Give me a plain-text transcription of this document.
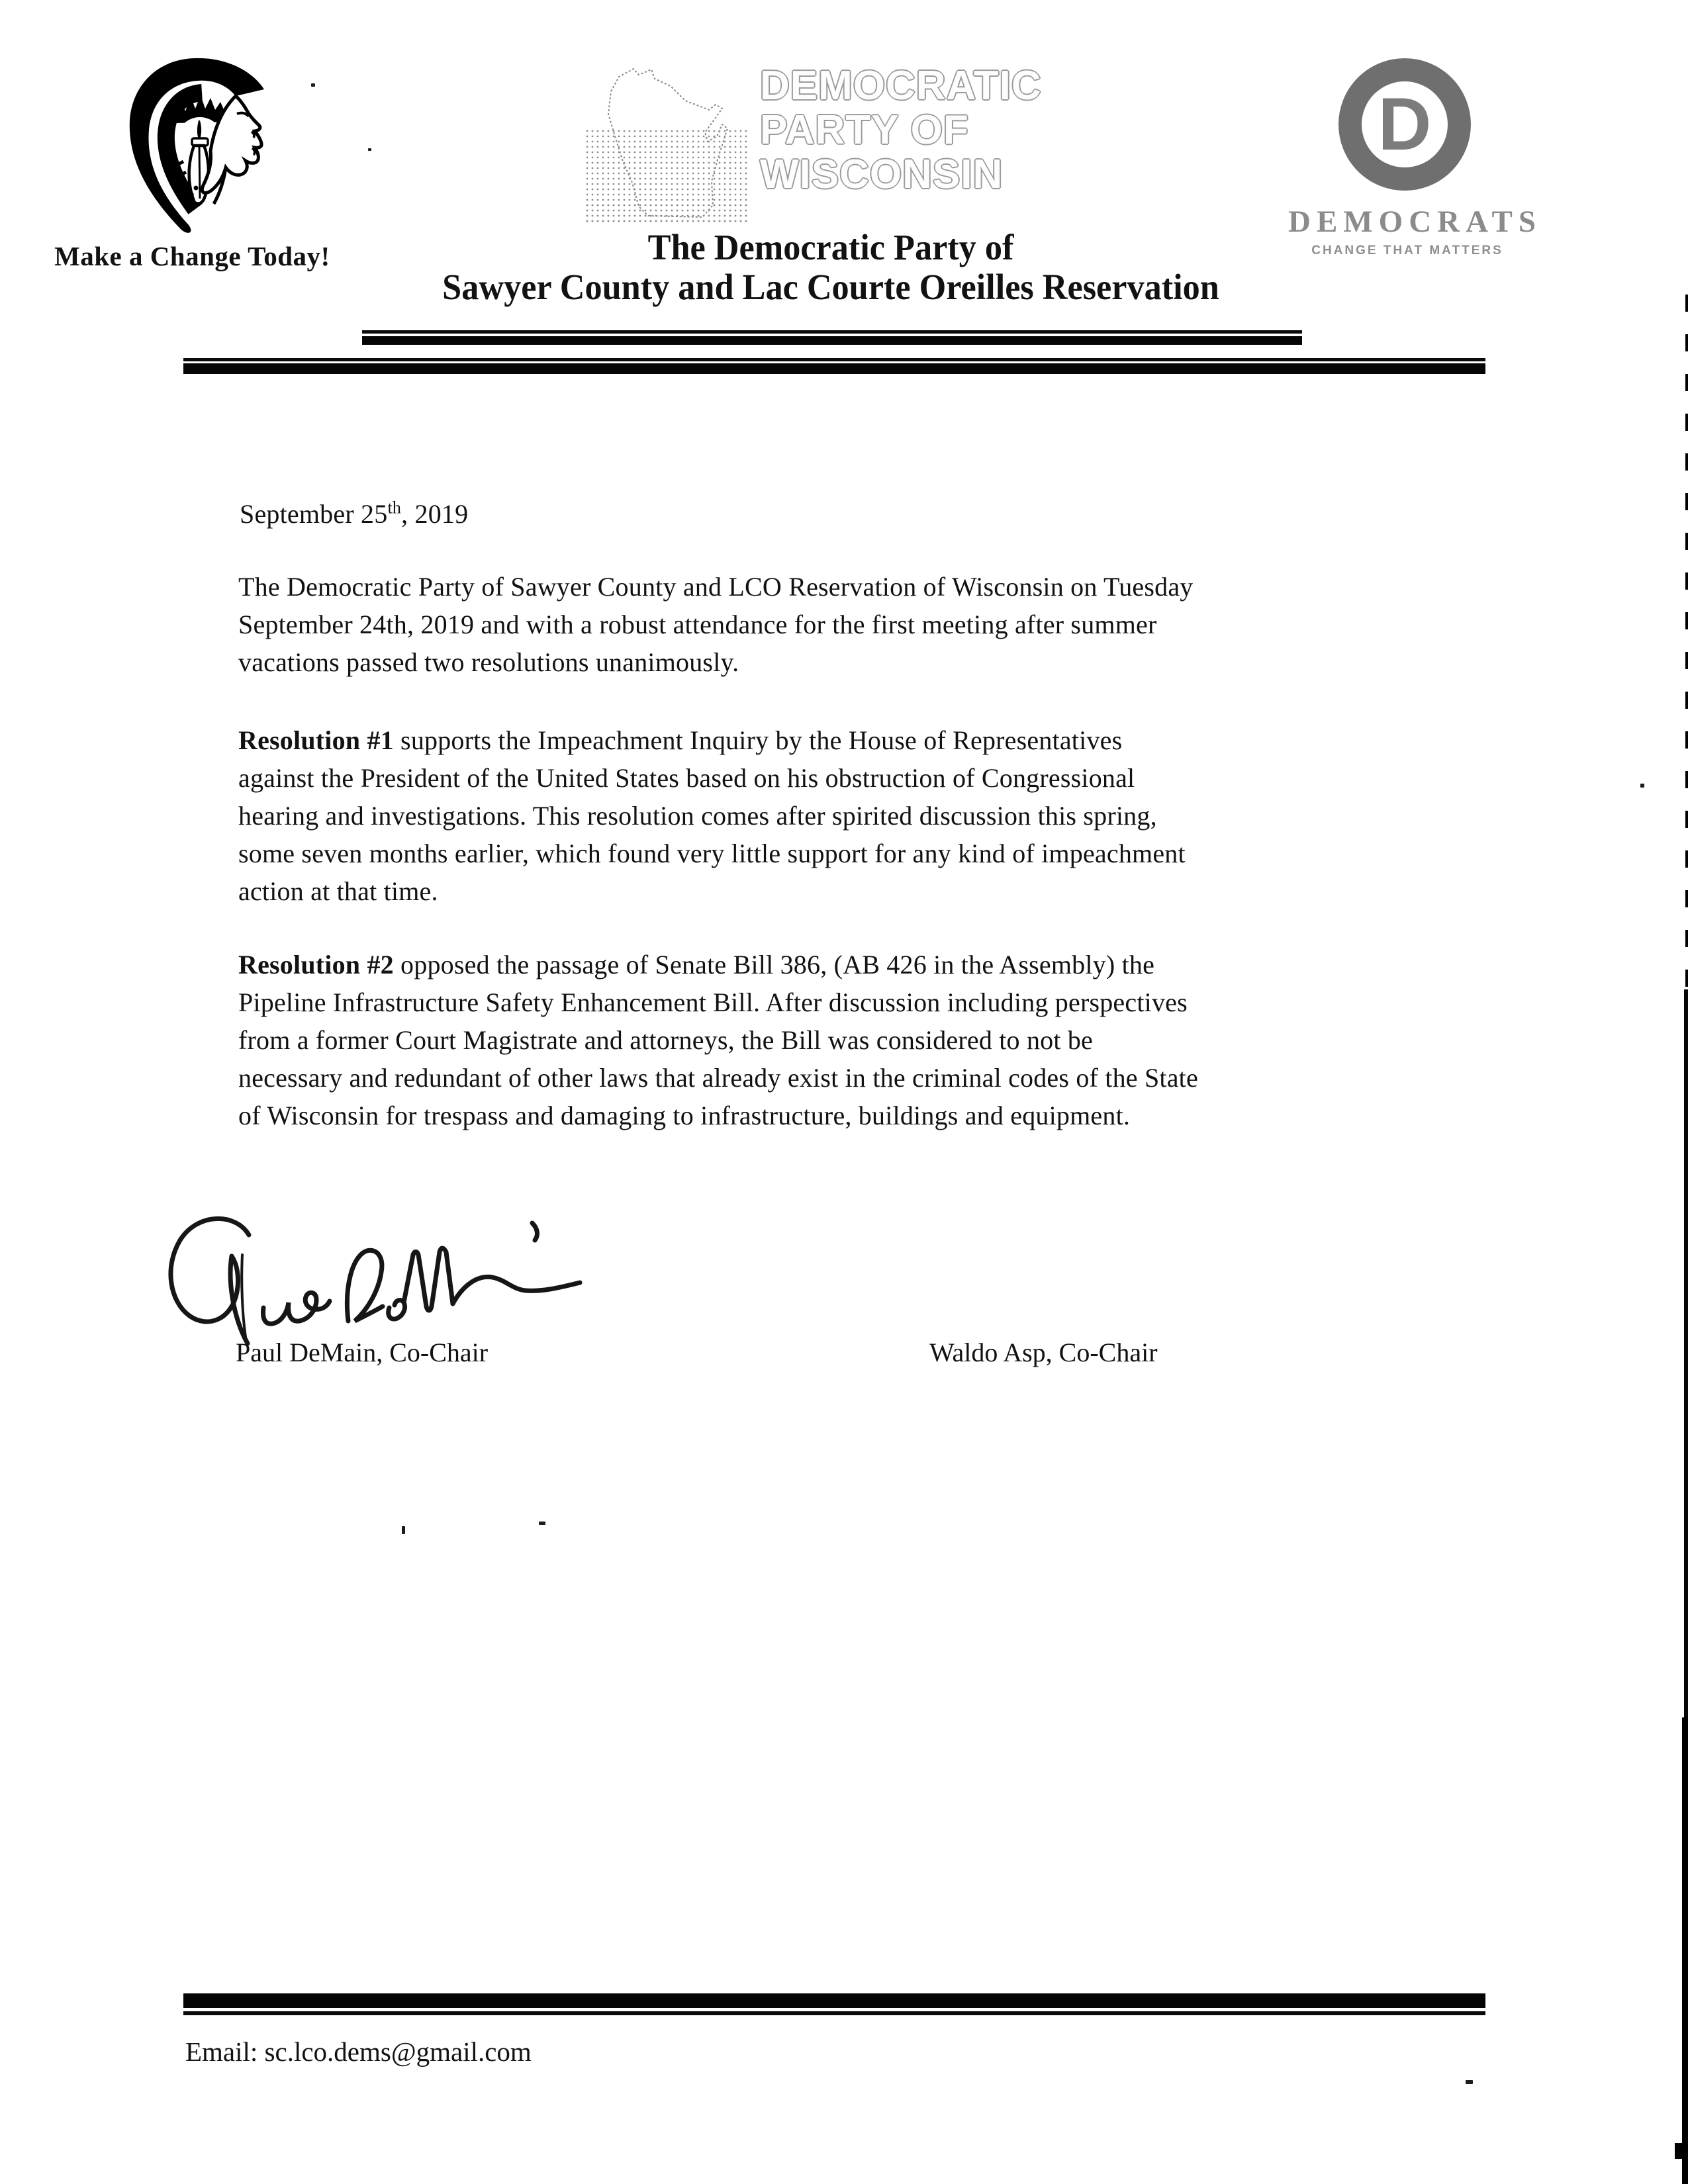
Make a Change Today!
DEMOCRATIC
PARTY OF
WISCONSIN
D
DEMOCRATS
CHANGE THAT MATTERS
The Democratic Party of
Sawyer County and Lac Courte Oreilles Reservation
September 25th, 2019
The Democratic Party of Sawyer County and LCO Reservation of Wisconsin on Tuesday
September 24th, 2019 and with a robust attendance for the first meeting after summer
vacations passed two resolutions unanimously.
Resolution #1 supports the Impeachment Inquiry by the House of Representatives
against the President of the United States based on his obstruction of Congressional
hearing and investigations. This resolution comes after spirited discussion this spring,
some seven months earlier, which found very little support for any kind of impeachment
action at that time.
Resolution #2 opposed the passage of Senate Bill 386, (AB 426 in the Assembly) the
Pipeline Infrastructure Safety Enhancement Bill. After discussion including perspectives
from a former Court Magistrate and attorneys, the Bill was considered to not be
necessary and redundant of other laws that already exist in the criminal codes of the State
of Wisconsin for trespass and damaging to infrastructure, buildings and equipment.
Paul DeMain, Co-Chair	Waldo Asp, Co-Chair
Email: sc.lco.dems@gmail.com
